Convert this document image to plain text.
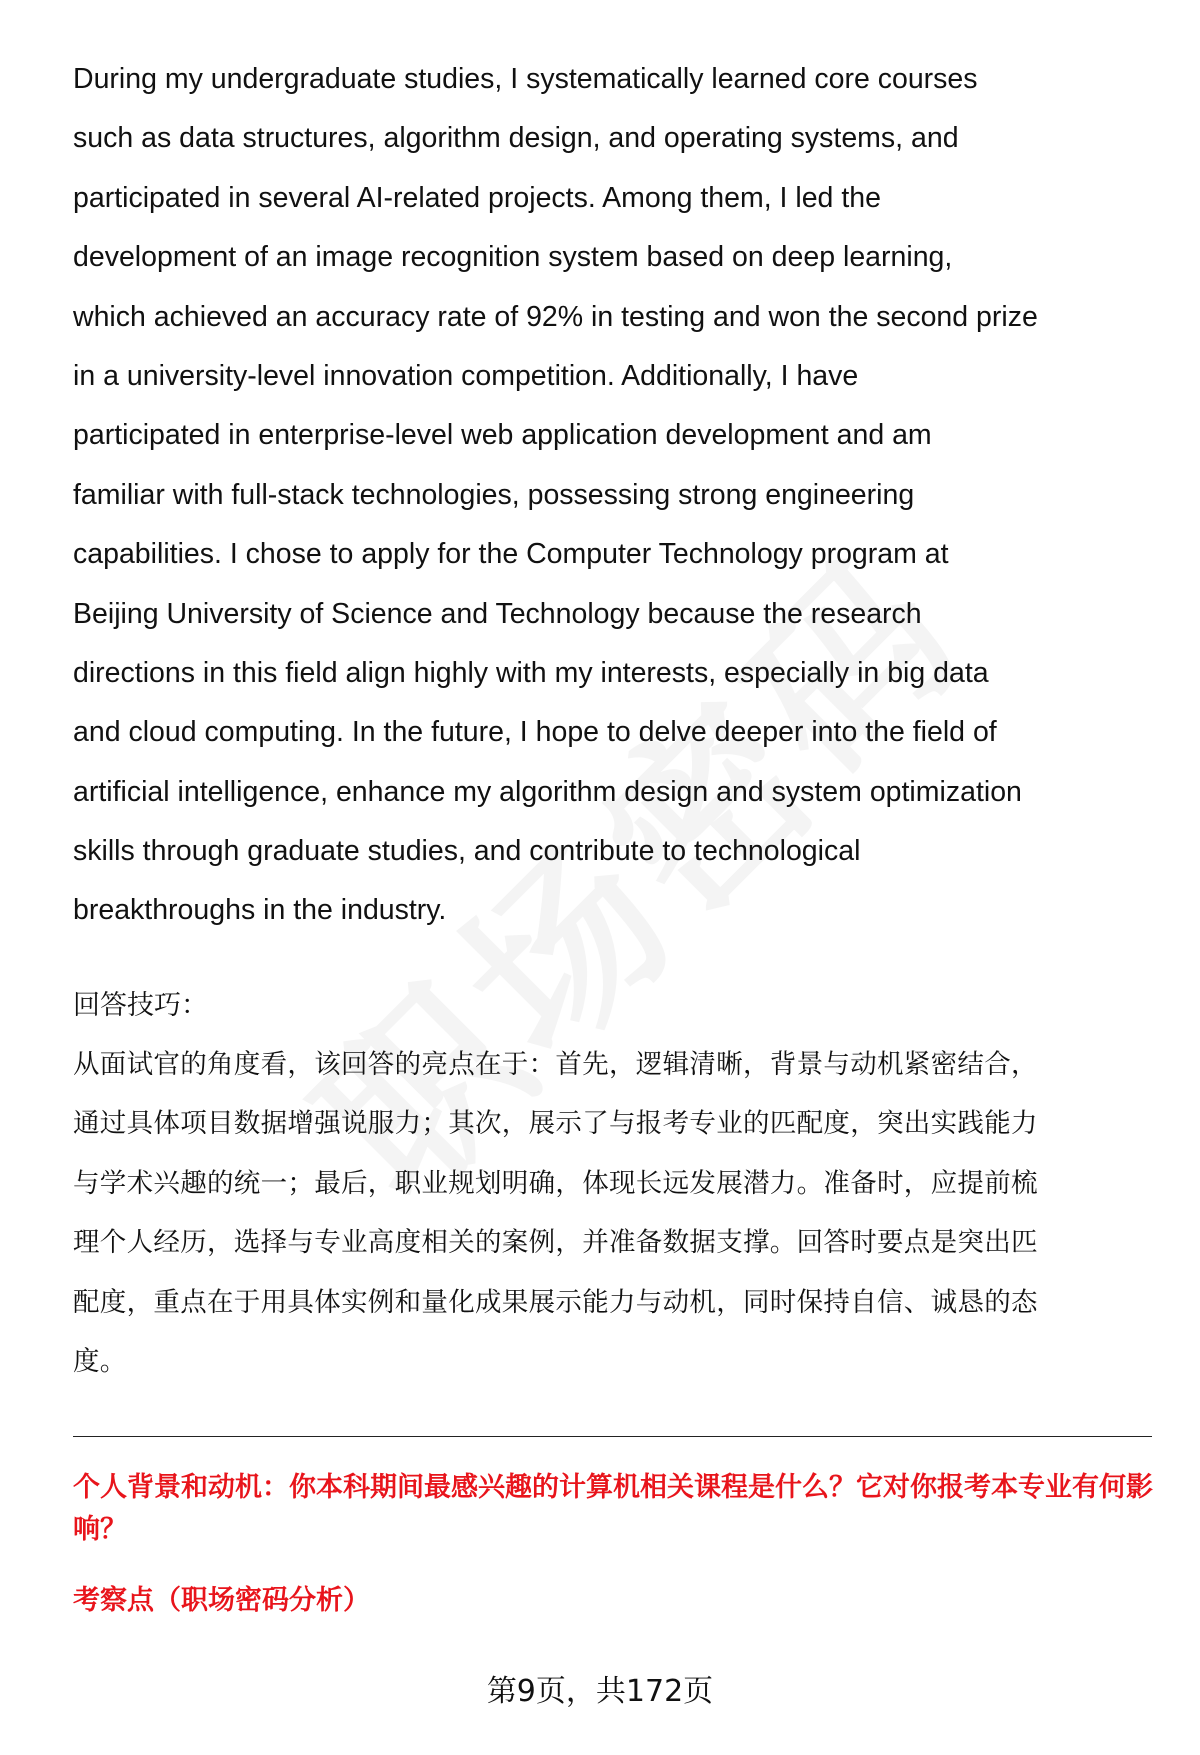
During my undergraduate studies, I systematically learned core courses
such as data structures, algorithm design, and operating systems, and
participated in several AI-related projects. Among them, I led the
development of an image recognition system based on deep learning,
which achieved an accuracy rate of 92% in testing and won the second prize
in a university-level innovation competition. Additionally, I have
participated in enterprise-level web application development and am
familiar with full-stack technologies, possessing strong engineering
capabilities. I chose to apply for the Computer Technology program at
Beijing University of Science and Technology because the research
directions in this field align highly with my interests, especially in big data
and cloud computing. In the future, I hope to delve deeper into the field of
artificial intelligence, enhance my algorithm design and system optimization
skills through graduate studies, and contribute to technological
breakthroughs in the industry.
回答技巧：
从面试官的角度看，该回答的亮点在于：首先，逻辑清晰，背景与动机紧密结合，
通过具体项目数据增强说服力；其次，展示了与报考专业的匹配度，突出实践能力
与学术兴趣的统一；最后，职业规划明确，体现长远发展潜力。准备时，应提前梳
理个人经历，选择与专业高度相关的案例，并准备数据支撑。回答时要点是突出匹
配度，重点在于用具体实例和量化成果展示能力与动机，同时保持自信、诚恳的态
度。
个人背景和动机：你本科期间最感兴趣的计算机相关课程是什么？它对你报考本专业有何影响？
考察点（职场密码分析）
第9页，共172页
